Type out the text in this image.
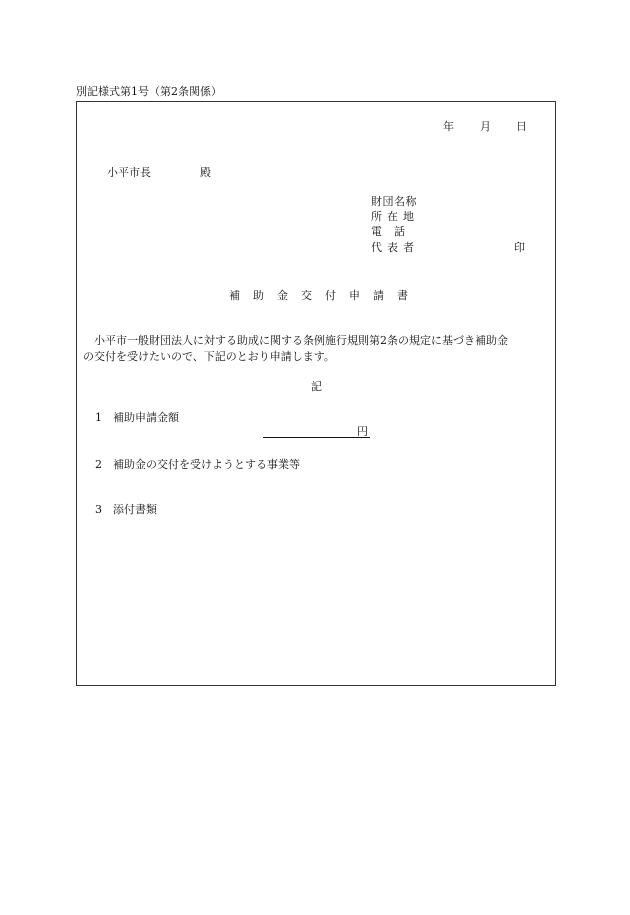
別記様式第1号（第2条関係）
年 月 日
小平市長	殿
財団名称
所在地
電　話
代表者	印
補　助　金　交　付　申　請　書
小平市一般財団法人に対する助成に関する条例施行規則第2条の規定に基づき補助金
の交付を受けたいので、下記のとおり申請します。
記
1 補助申請金額
円
2 補助金の交付を受けようとする事業等
3 添付書類
